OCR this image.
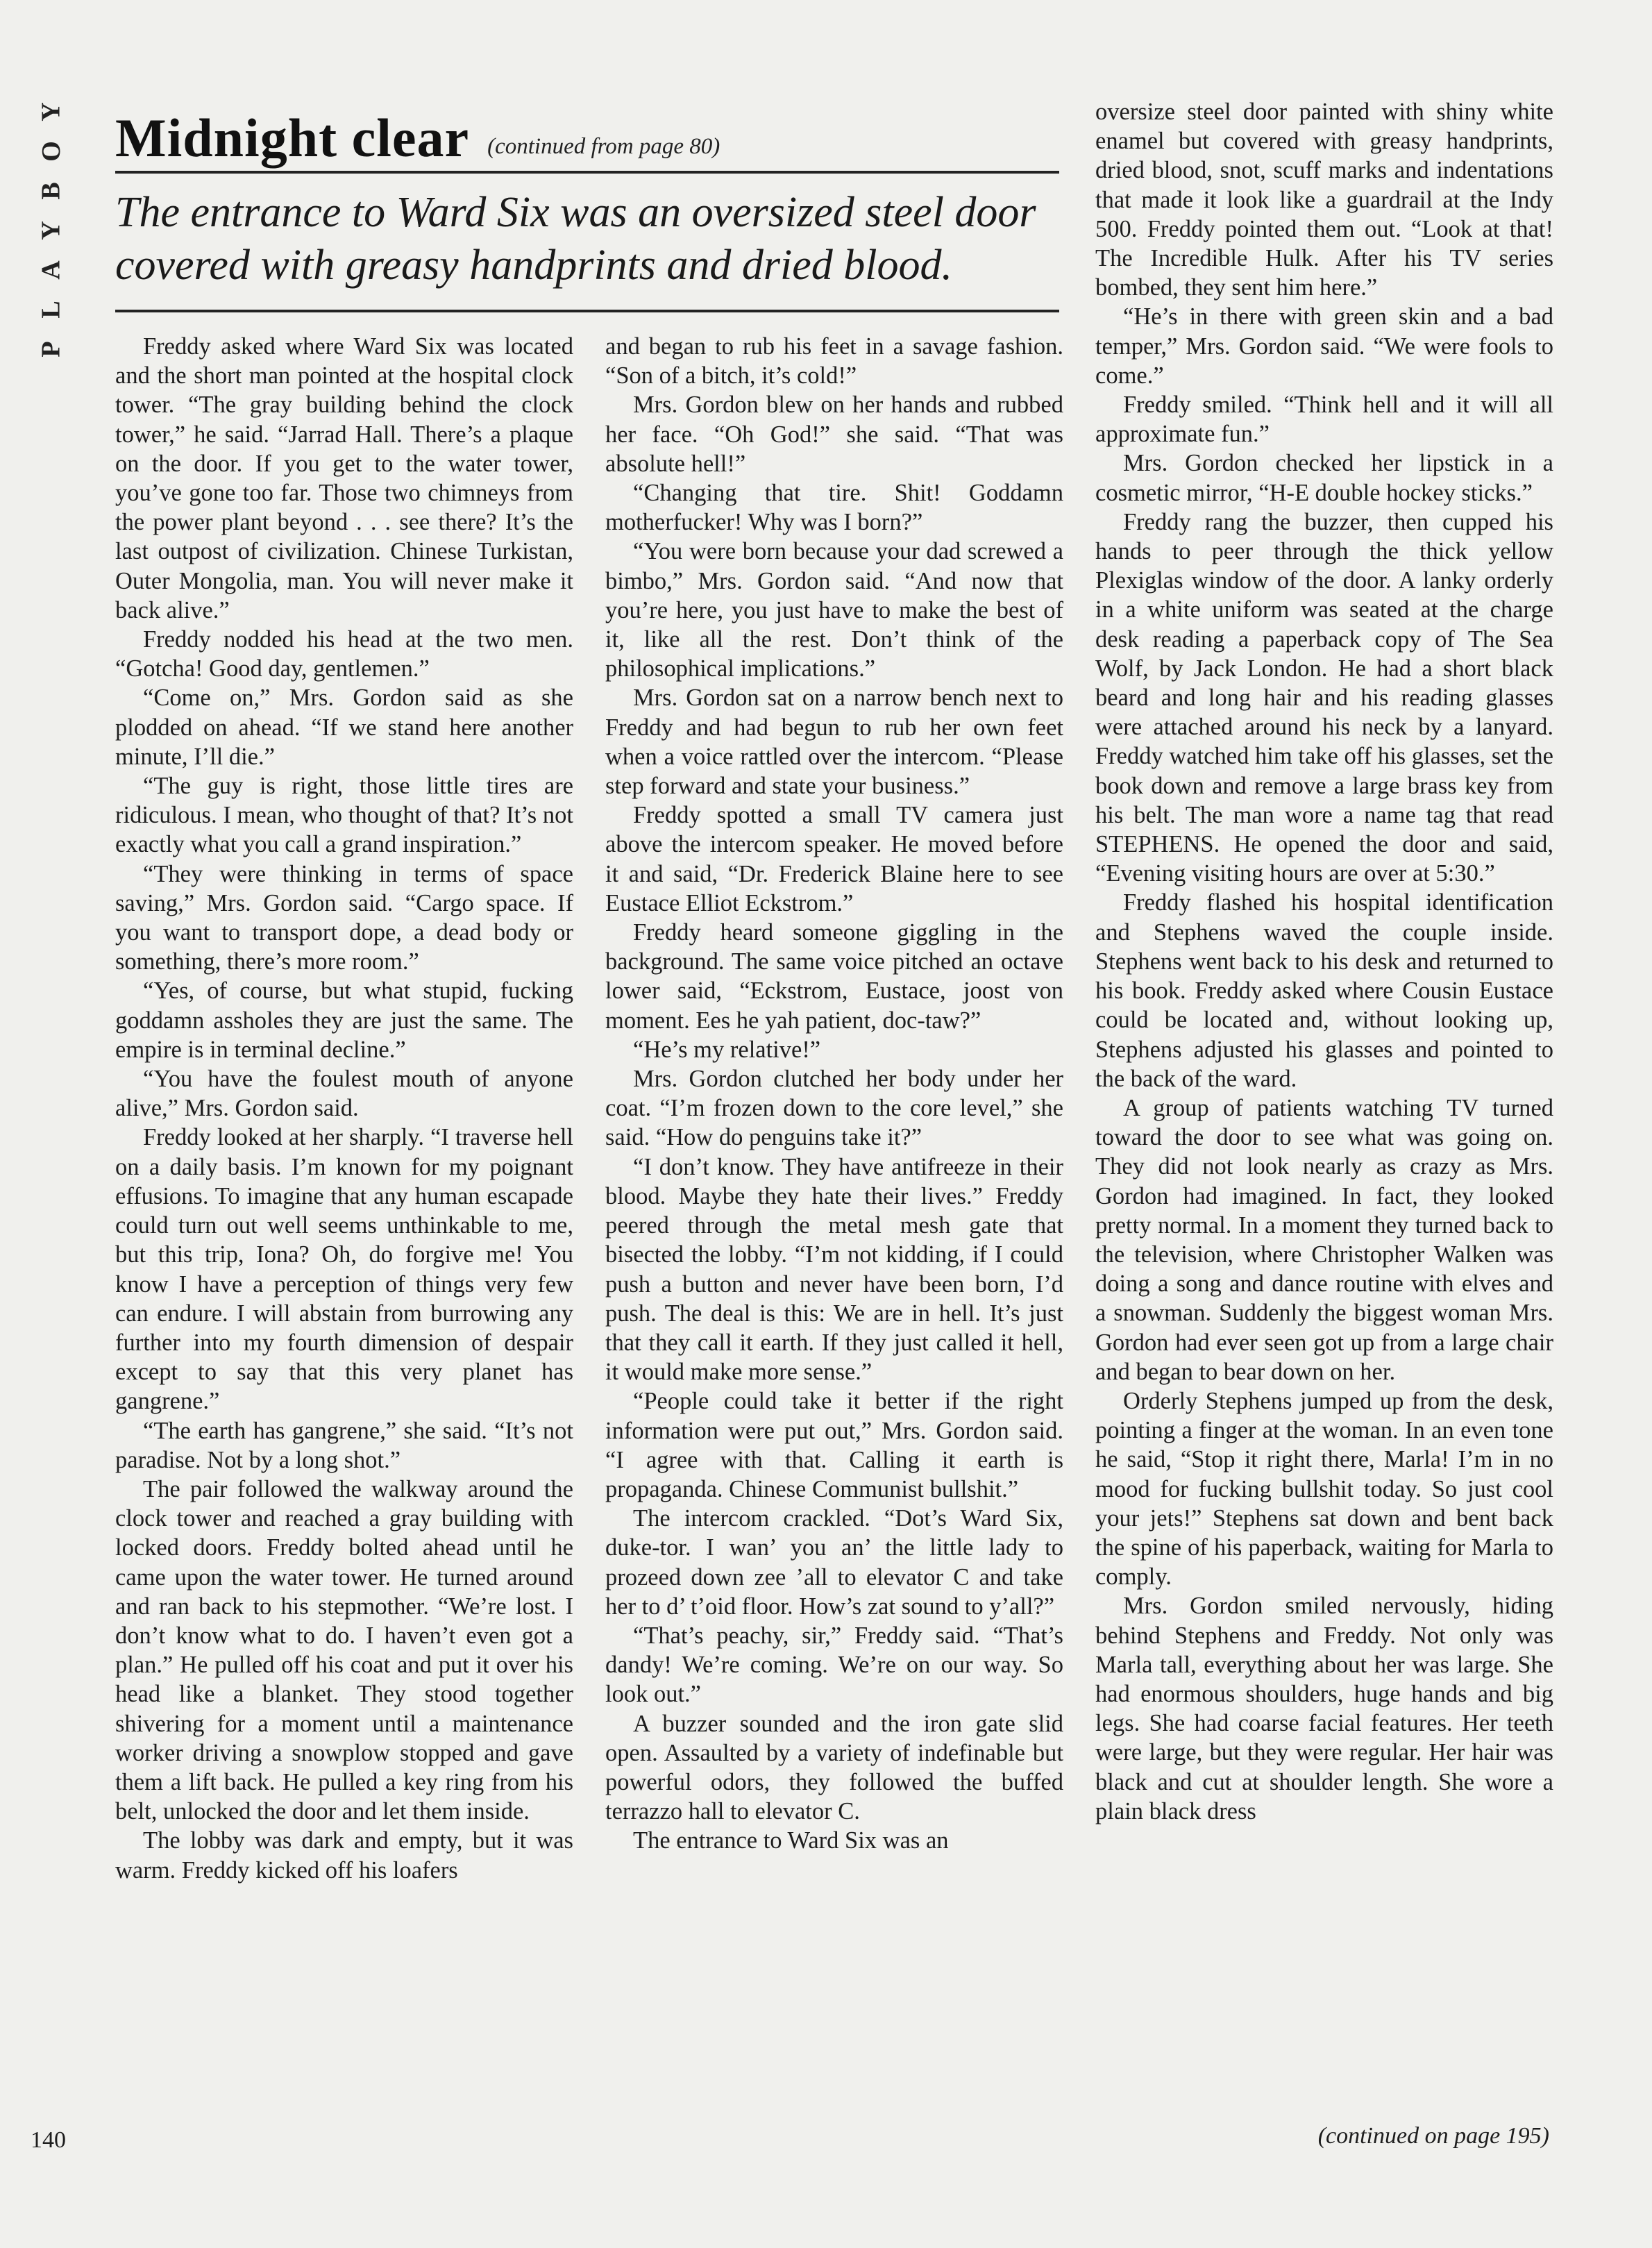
Y
O
B
Y
A
L
P
Midnight clear (continued from page 80)
The entrance to Ward Six was an oversized steel door covered with greasy handprints and dried blood.

Freddy asked where Ward Six was located and the short man pointed at the hospital clock tower. “The gray building behind the clock tower,” he said. “Jarrad Hall. There’s a plaque on the door. If you get to the water tower, you’ve gone too far. Those two chimneys from the power plant beyond . . . see there? It’s the last outpost of civilization. Chinese Turkistan, Outer Mongolia, man. You will never make it back alive.”

Freddy nodded his head at the two men. “Gotcha! Good day, gentlemen.”

“Come on,” Mrs. Gordon said as she plodded on ahead. “If we stand here another minute, I’ll die.”

“The guy is right, those little tires are ridiculous. I mean, who thought of that? It’s not exactly what you call a grand inspiration.”

“They were thinking in terms of space saving,” Mrs. Gordon said. “Cargo space. If you want to transport dope, a dead body or something, there’s more room.”

“Yes, of course, but what stupid, fucking goddamn assholes they are just the same. The empire is in terminal decline.”

“You have the foulest mouth of anyone alive,” Mrs. Gordon said.

Freddy looked at her sharply. “I traverse hell on a daily basis. I’m known for my poignant effusions. To imagine that any human escapade could turn out well seems unthinkable to me, but this trip, Iona? Oh, do forgive me! You know I have a perception of things very few can endure. I will abstain from burrowing any further into my fourth dimension of despair except to say that this very planet has gangrene.”

“The earth has gangrene,” she said. “It’s not paradise. Not by a long shot.”

The pair followed the walkway around the clock tower and reached a gray building with locked doors. Freddy bolted ahead until he came upon the water tower. He turned around and ran back to his stepmother. “We’re lost. I don’t know what to do. I haven’t even got a plan.” He pulled off his coat and put it over his head like a blanket. They stood together shivering for a moment until a maintenance worker driving a snowplow stopped and gave them a lift back. He pulled a key ring from his belt, unlocked the door and let them inside.

The lobby was dark and empty, but it was warm. Freddy kicked off his loafers

and began to rub his feet in a savage fashion. “Son of a bitch, it’s cold!”

Mrs. Gordon blew on her hands and rubbed her face. “Oh God!” she said. “That was absolute hell!”

“Changing that tire. Shit! Goddamn motherfucker! Why was I born?”

“You were born because your dad screwed a bimbo,” Mrs. Gordon said. “And now that you’re here, you just have to make the best of it, like all the rest. Don’t think of the philosophical implications.”

Mrs. Gordon sat on a narrow bench next to Freddy and had begun to rub her own feet when a voice rattled over the intercom. “Please step forward and state your business.”

Freddy spotted a small TV camera just above the intercom speaker. He moved before it and said, “Dr. Frederick Blaine here to see Eustace Elliot Eckstrom.”

Freddy heard someone giggling in the background. The same voice pitched an octave lower said, “Eckstrom, Eustace, joost von moment. Ees he yah patient, doc-taw?”

“He’s my relative!”

Mrs. Gordon clutched her body under her coat. “I’m frozen down to the core level,” she said. “How do penguins take it?”

“I don’t know. They have antifreeze in their blood. Maybe they hate their lives.” Freddy peered through the metal mesh gate that bisected the lobby. “I’m not kidding, if I could push a button and never have been born, I’d push. The deal is this: We are in hell. It’s just that they call it earth. If they just called it hell, it would make more sense.”

“People could take it better if the right information were put out,” Mrs. Gordon said. “I agree with that. Calling it earth is propaganda. Chinese Communist bullshit.”

The intercom crackled. “Dot’s Ward Six, duke-tor. I wan’ you an’ the little lady to prozeed down zee ’all to elevator C and take her to d’ t’oid floor. How’s zat sound to y’all?”

“That’s peachy, sir,” Freddy said. “That’s dandy! We’re coming. We’re on our way. So look out.”

A buzzer sounded and the iron gate slid open. Assaulted by a variety of indefinable but powerful odors, they followed the buffed terrazzo hall to elevator C.

The entrance to Ward Six was an

oversize steel door painted with shiny white enamel but covered with greasy handprints, dried blood, snot, scuff marks and indentations that made it look like a guardrail at the Indy 500. Freddy pointed them out. “Look at that! The Incredible Hulk. After his TV series bombed, they sent him here.”

“He’s in there with green skin and a bad temper,” Mrs. Gordon said. “We were fools to come.”

Freddy smiled. “Think hell and it will all approximate fun.”

Mrs. Gordon checked her lipstick in a cosmetic mirror, “H-E double hockey sticks.”

Freddy rang the buzzer, then cupped his hands to peer through the thick yellow Plexiglas window of the door. A lanky orderly in a white uniform was seated at the charge desk reading a paperback copy of The Sea Wolf, by Jack London. He had a short black beard and long hair and his reading glasses were attached around his neck by a lanyard. Freddy watched him take off his glasses, set the book down and remove a large brass key from his belt. The man wore a name tag that read STEPHENS. He opened the door and said, “Evening visiting hours are over at 5:30.”

Freddy flashed his hospital identification and Stephens waved the couple inside. Stephens went back to his desk and returned to his book. Freddy asked where Cousin Eustace could be located and, without looking up, Stephens adjusted his glasses and pointed to the back of the ward.

A group of patients watching TV turned toward the door to see what was going on. They did not look nearly as crazy as Mrs. Gordon had imagined. In fact, they looked pretty normal. In a moment they turned back to the television, where Christopher Walken was doing a song and dance routine with elves and a snowman. Suddenly the biggest woman Mrs. Gordon had ever seen got up from a large chair and began to bear down on her.

Orderly Stephens jumped up from the desk, pointing a finger at the woman. In an even tone he said, “Stop it right there, Marla! I’m in no mood for fucking bullshit today. So just cool your jets!” Stephens sat down and bent back the spine of his paperback, waiting for Marla to comply.

Mrs. Gordon smiled nervously, hiding behind Stephens and Freddy. Not only was Marla tall, everything about her was large. She had enormous shoulders, huge hands and big legs. She had coarse facial features. Her teeth were large, but they were regular. Her hair was black and cut at shoulder length. She wore a plain black dress

(continued on page 195)
140
